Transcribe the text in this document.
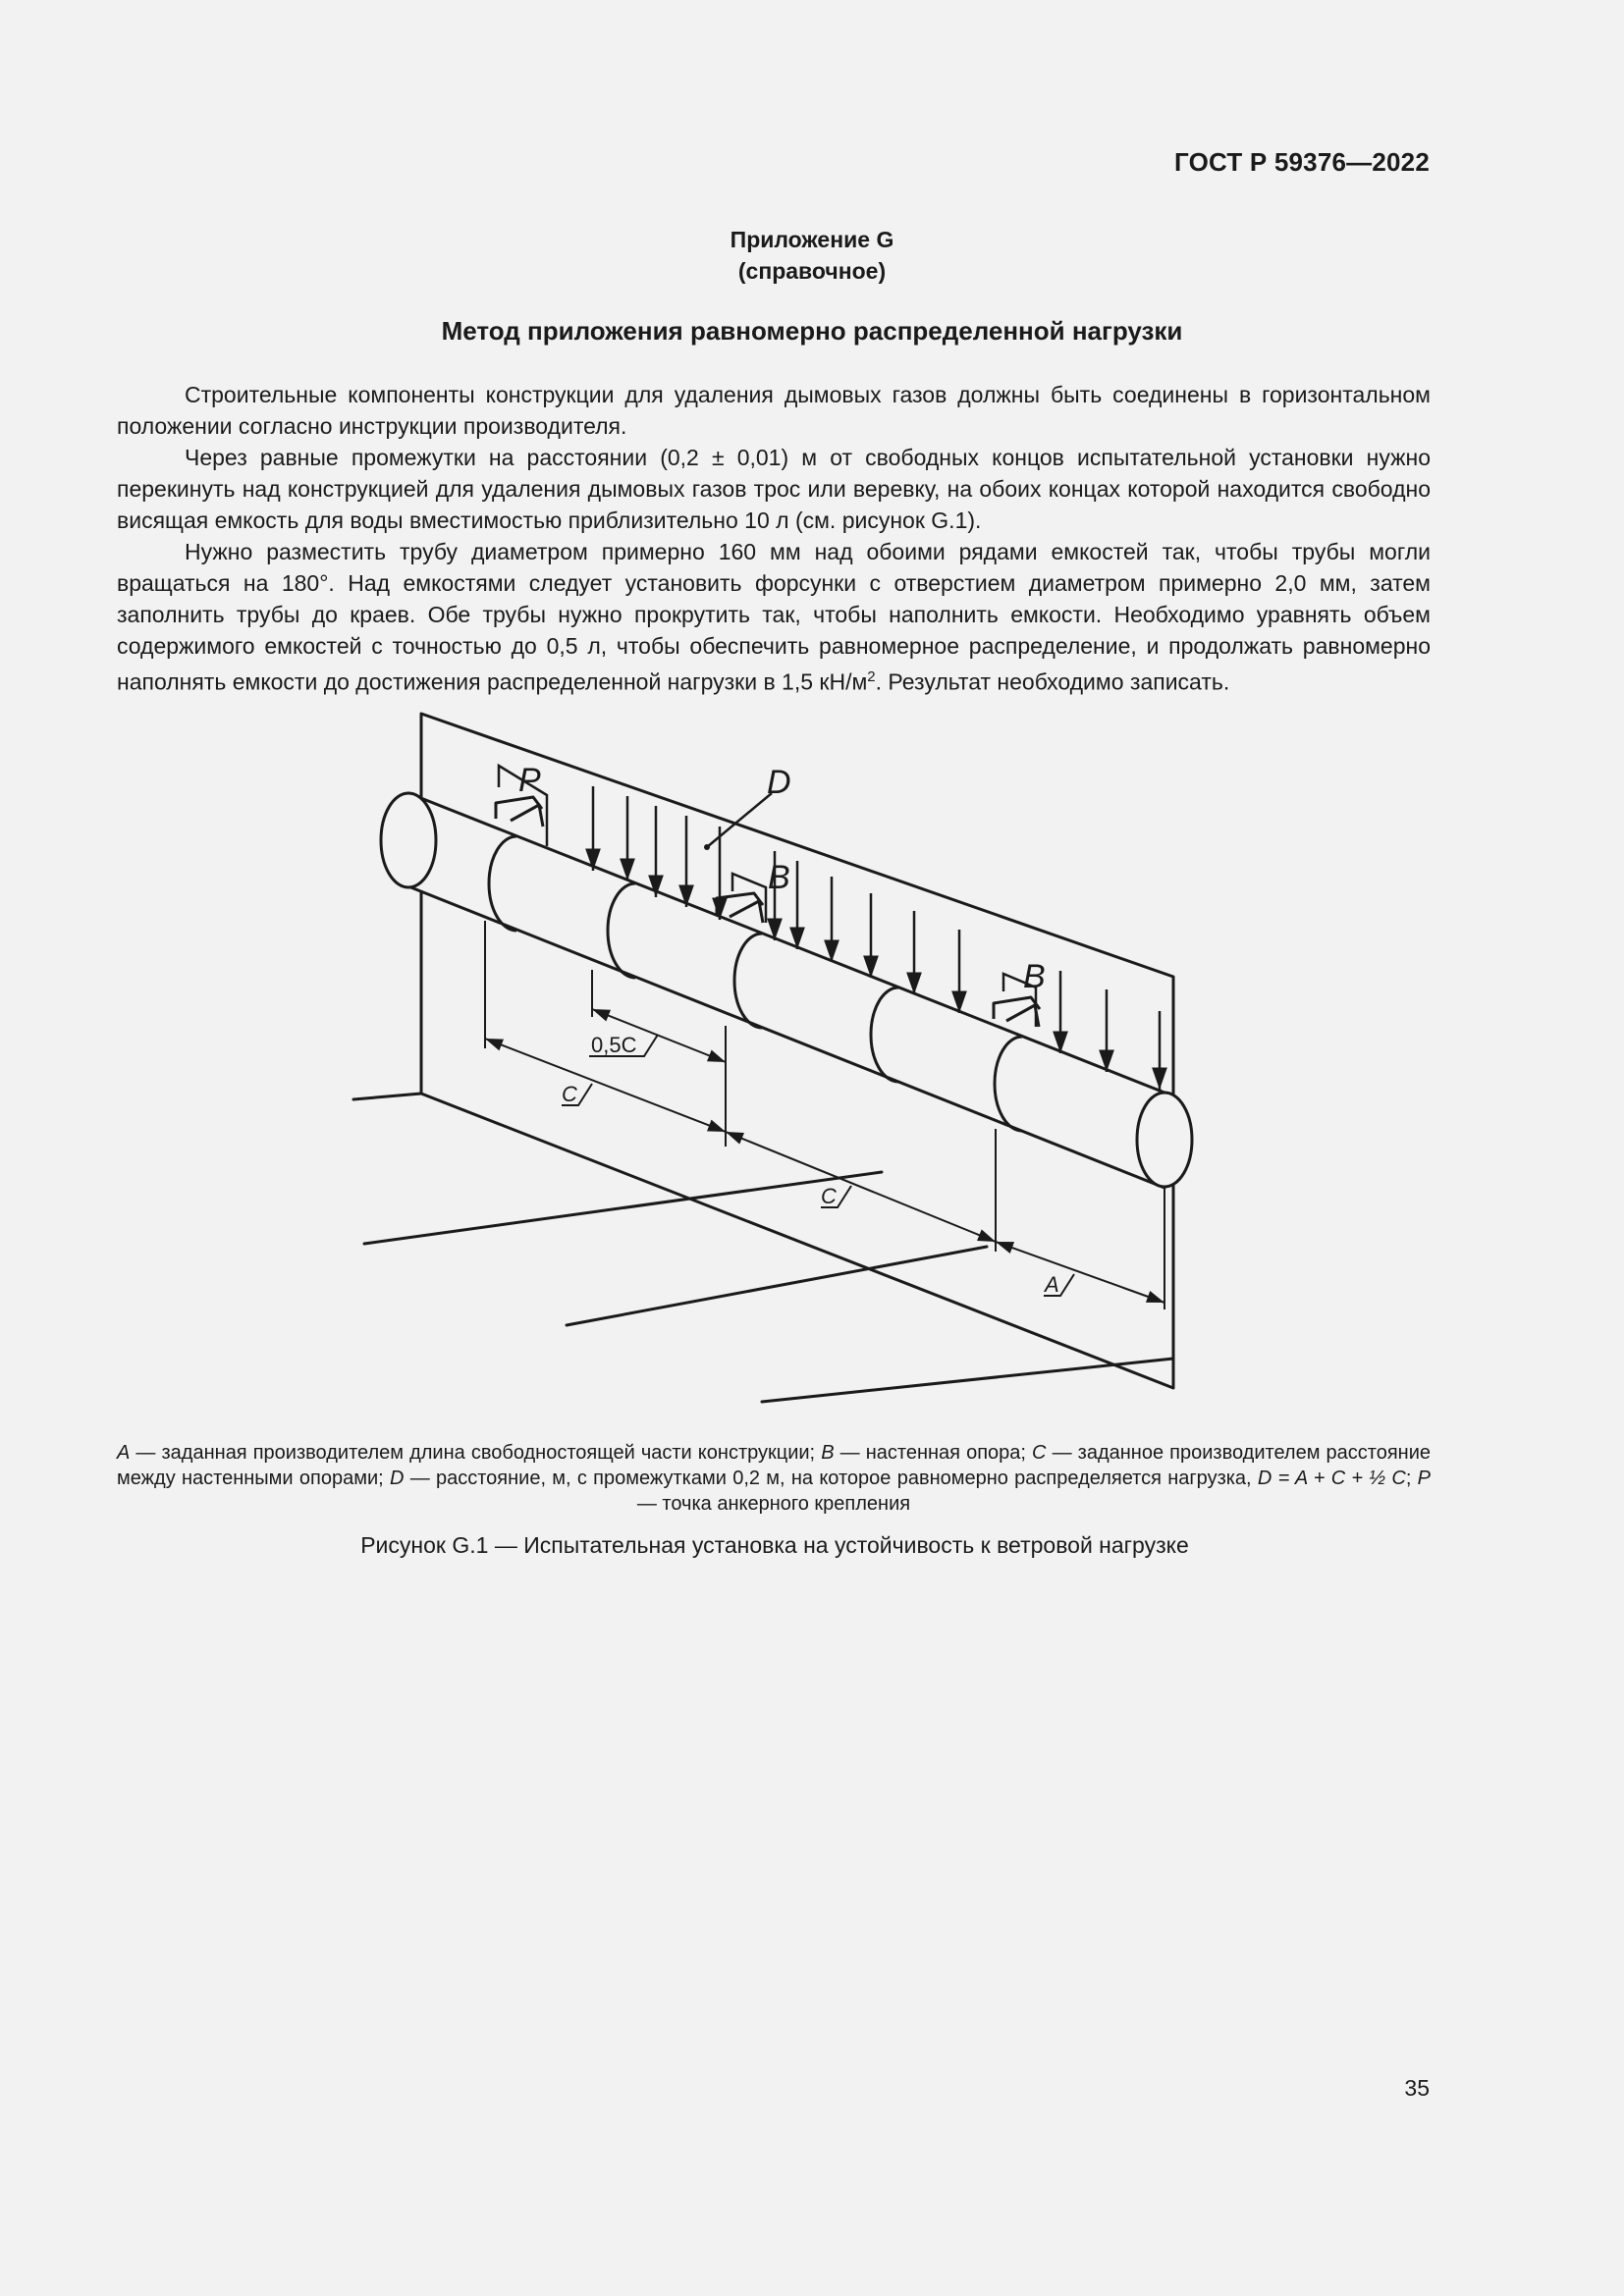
ГОСТ Р 59376—2022
Приложение G
(справочное)
Метод приложения равномерно распределенной нагрузки

Строительные компоненты конструкции для удаления дымовых газов должны быть соединены в горизонтальном положении согласно инструкции производителя.

Через равные промежутки на расстоянии (0,2 ± 0,01) м от свободных концов испытательной установки нужно перекинуть над конструкцией для удаления дымовых газов трос или веревку, на обоих концах которой находится свободно висящая емкость для воды вместимостью приблизительно 10 л (см. рисунок G.1).

Нужно разместить трубу диаметром примерно 160 мм над обоими рядами емкостей так, чтобы трубы могли вращаться на 180°. Над емкостями следует установить форсунки с отверстием диаметром примерно 2,0 мм, затем заполнить трубы до краев. Обе трубы нужно прокрутить так, чтобы наполнить емкости. Необходимо уравнять объем содержимого емкостей с точностью до 0,5 л, чтобы обеспечить равномерное распределение, и продолжать равномерно наполнять емкости до достижения распределенной нагрузки в 1,5 $кН/м^2$. Результат необходимо записать.

P	D
B
B
0,5C
C
C
A
A — заданная производителем длина свободностоящей части конструкции; B — настенная опора; C — заданное производителем расстояние между настенными опорами; D — расстояние, м, с промежутками 0,2 м, на которое равномерно распределяется нагрузка, D = A + C + ½ C; P — точка анкерного крепления
Рисунок G.1 — Испытательная установка на устойчивость к ветровой нагрузке
35
